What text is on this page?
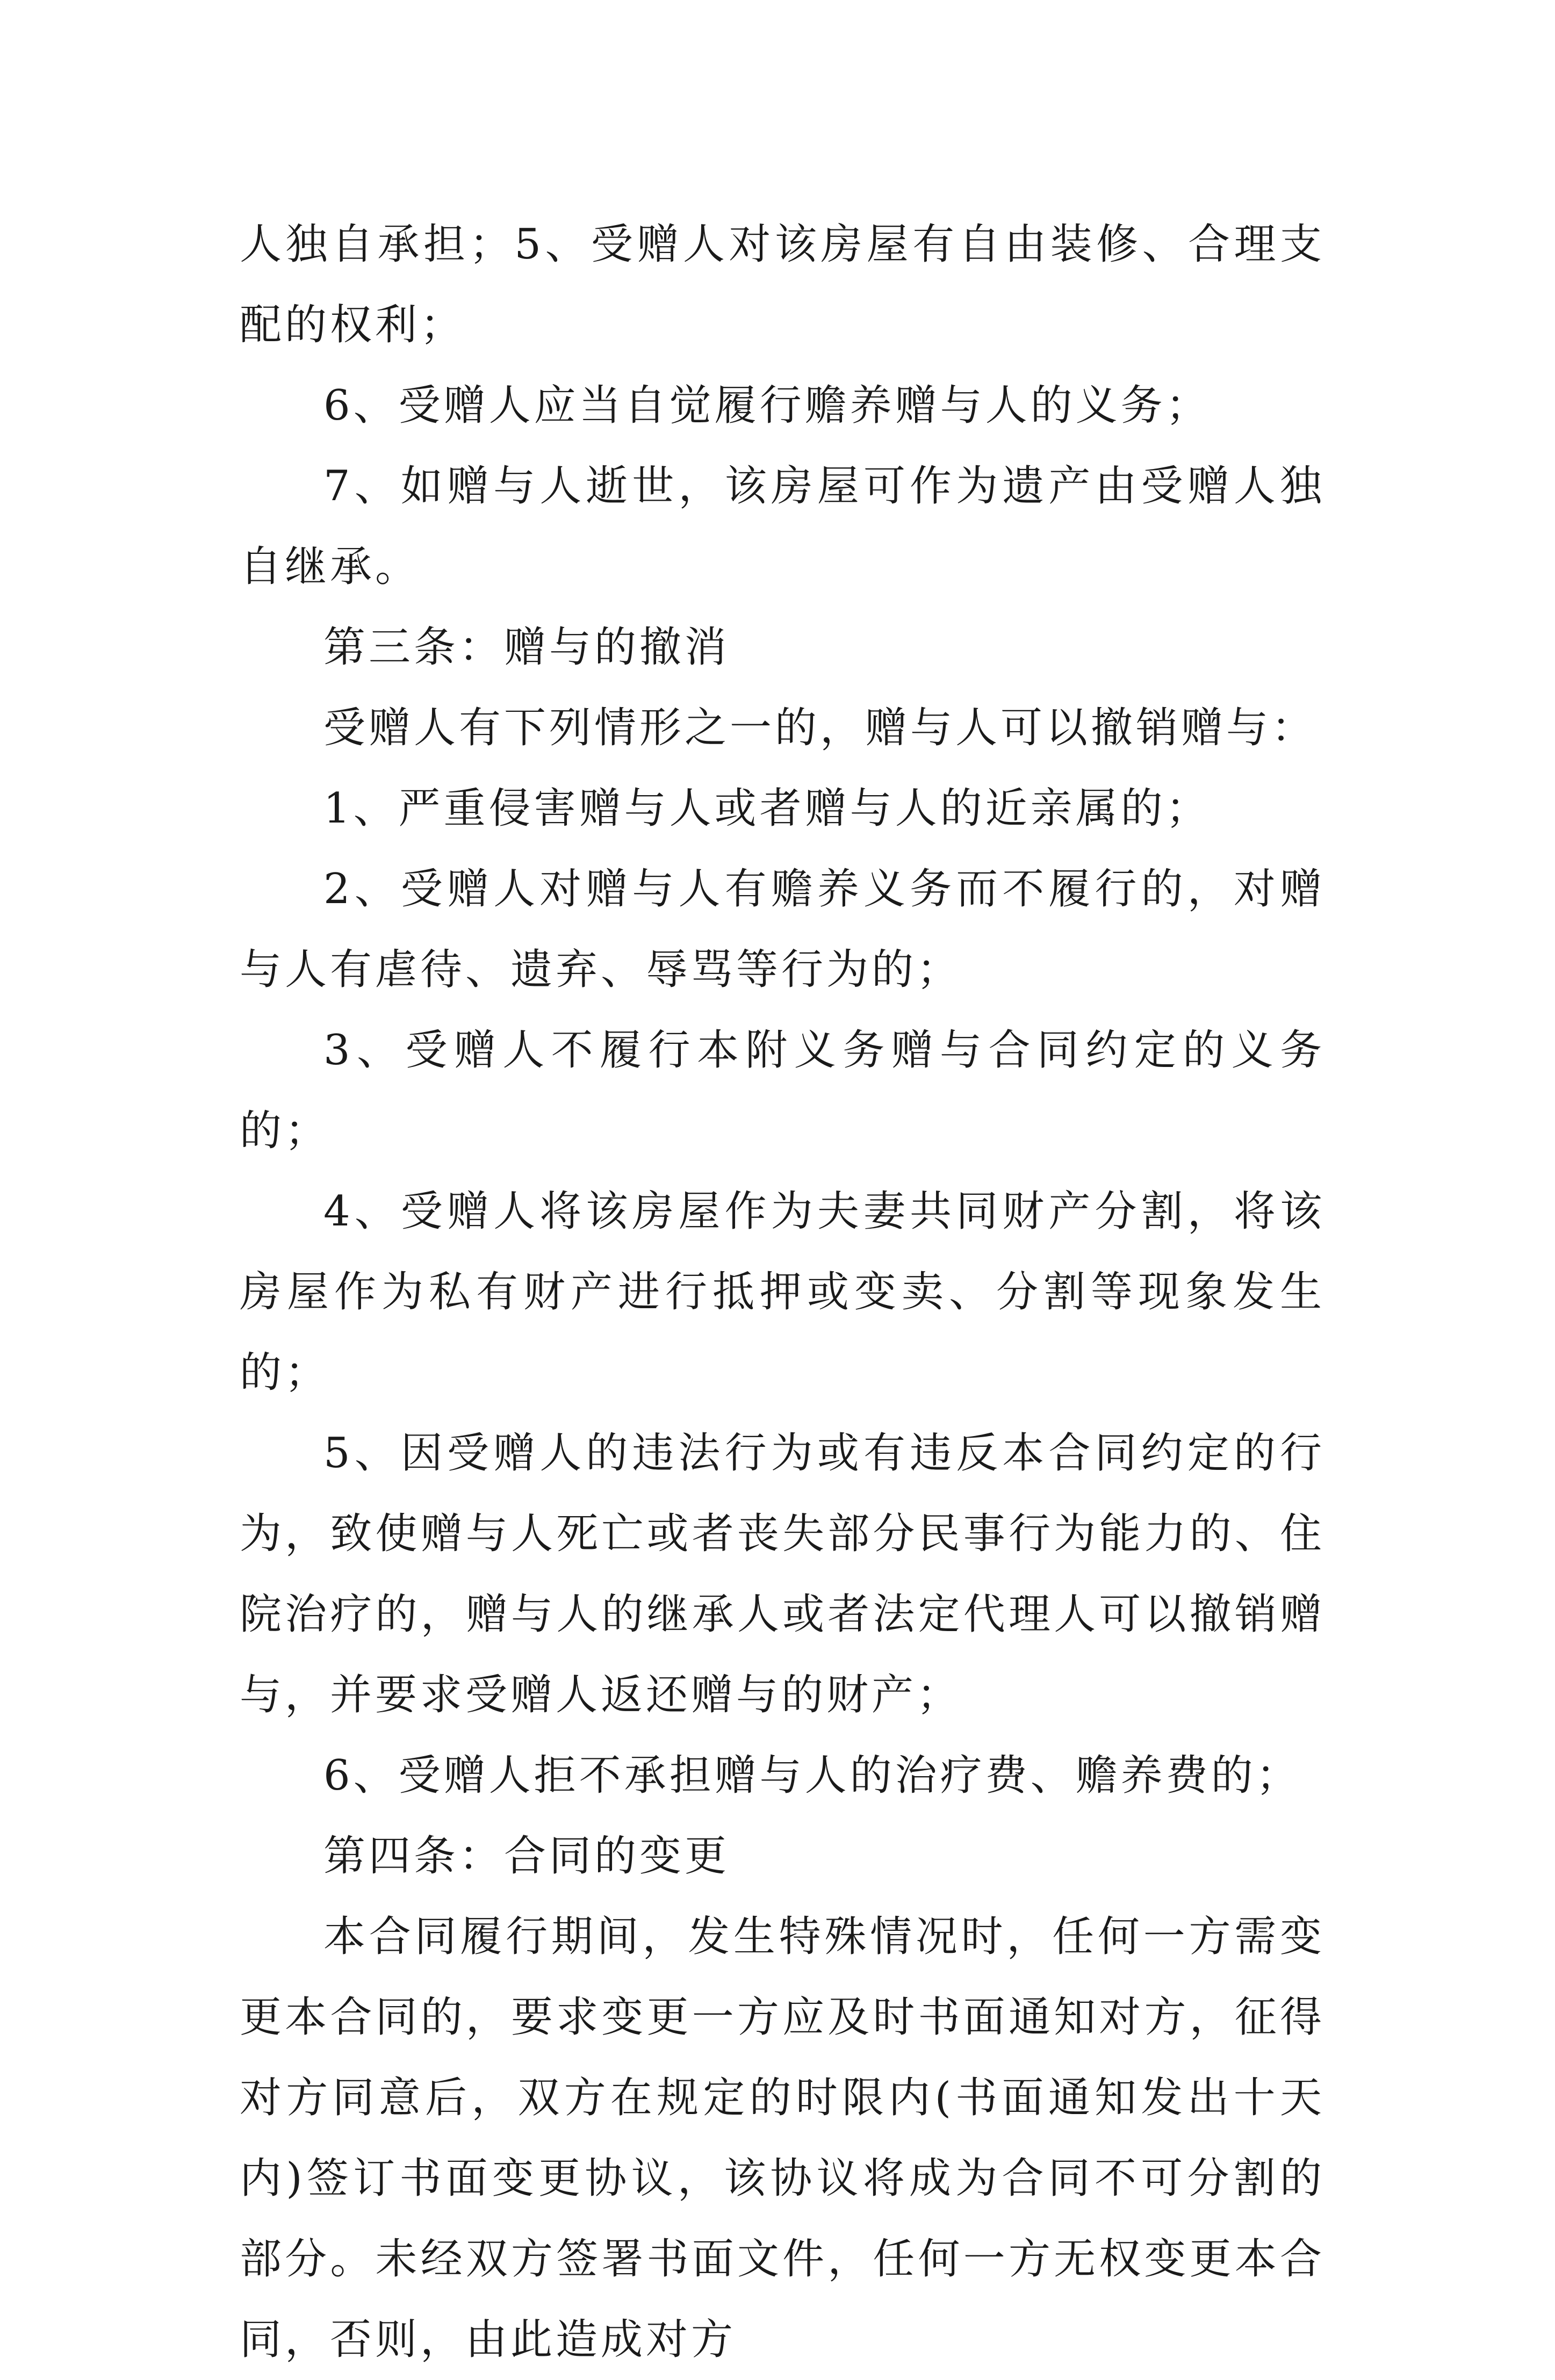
人独自承担；5、受赠人对该房屋有自由装修、合理支配的权利；

6、受赠人应当自觉履行赡养赠与人的义务；

7、如赠与人逝世，该房屋可作为遗产由受赠人独自继承。

第三条：赠与的撤消

受赠人有下列情形之一的，赠与人可以撤销赠与：

1、严重侵害赠与人或者赠与人的近亲属的；

2、受赠人对赠与人有赡养义务而不履行的，对赠与人有虐待、遗弃、辱骂等行为的；

3、受赠人不履行本附义务赠与合同约定的义务的；

4、受赠人将该房屋作为夫妻共同财产分割，将该房屋作为私有财产进行抵押或变卖、分割等现象发生的；

5、因受赠人的违法行为或有违反本合同约定的行为，致使赠与人死亡或者丧失部分民事行为能力的、住院治疗的，赠与人的继承人或者法定代理人可以撤销赠与，并要求受赠人返还赠与的财产；

6、受赠人拒不承担赠与人的治疗费、赡养费的；

第四条：合同的变更

本合同履行期间，发生特殊情况时，任何一方需变更本合同的，要求变更一方应及时书面通知对方，征得对方同意后，双方在规定的时限内(书面通知发出十天内)签订书面变更协议，该协议将成为合同不可分割的部分。未经双方签署书面文件，任何一方无权变更本合同，否则，由此造成对方
